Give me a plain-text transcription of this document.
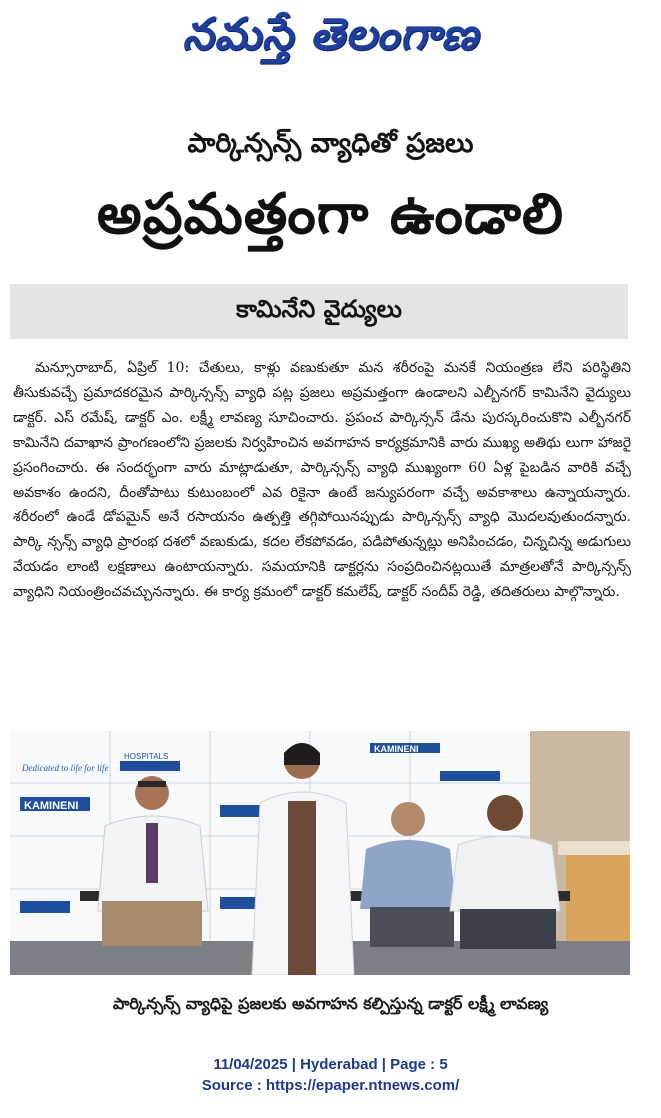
నమస్తే తెలంగాణ
పార్కిన్సన్స్ వ్యాధితో ప్రజలు
అప్రమత్తంగా ఉండాలి
కామినేని వైద్యులు

మన్సూరాబాద్, ఏప్రిల్ 10: చేతులు, కాళ్లు వణుకుతూ మన శరీరంపై మనకే నియంత్రణ లేని పరిస్థితిని తీసుకువచ్చే ప్రమాదకరమైన పార్కిన్సన్స్ వ్యాధి పట్ల ప్రజలు అప్రమత్తంగా ఉండాలని ఎల్బీనగర్ కామినేని వైద్యులు డాక్టర్. ఎస్ రమేష్, డాక్టర్ ఎం. లక్ష్మీ లావణ్య సూచించారు. ప్రపంచ పార్కిన్సన్ డేను పురస్కరించుకొని ఎల్బీనగర్ కామినేని దవాఖాన ప్రాంగణంలోని ప్రజలకు నిర్వహించిన అవగాహన కార్యక్రమానికి వారు ముఖ్య అతిథు లుగా హాజరై ప్రసంగించారు. ఈ సందర్భంగా వారు మాట్లాడుతూ, పార్కిన్సన్స్ వ్యాధి ముఖ్యంగా 60 ఏళ్ల పైబడిన వారికి వచ్చే అవకాశం ఉందని, దీంతోపాటు కుటుంబంలో ఎవ రికైనా ఉంటే జన్యుపరంగా వచ్చే అవకాశాలు ఉన్నాయన్నారు. శరీరంలో ఉండే డోపమైన్ అనే రసాయనం ఉత్పత్తి తగ్గిపోయినప్పుడు పార్కిన్సన్స్ వ్యాధి మొదలవుతుందన్నారు. పార్కి న్సన్స్ వ్యాధి ప్రారంభ దశలో వణుకుడు, కదల లేకపోవడం, పడిపోతున్నట్లు అనిపించడం, చిన్నచిన్న అడుగులు వేయడం లాంటి లక్షణాలు ఉంటాయన్నారు. సమయానికి డాక్టర్లను సంప్రదించినట్లయితే మాత్రలతోనే పార్కిన్సన్స్ వ్యాధిని నియంత్రించవచ్చునన్నారు. ఈ కార్య క్రమంలో డాక్టర్ కమలేష్, డాక్టర్ సందీప్ రెడ్డి, తదితరులు పాల్గొన్నారు.

KAMINENI
KAMINENI
Dedicated to life for life
HOSPITALS
పార్కిన్సన్స్ వ్యాధిపై ప్రజలకు అవగాహన కల్పిస్తున్న డాక్టర్ లక్ష్మీ లావణ్య
11/04/2025 | Hyderabad | Page : 5
Source : https://epaper.ntnews.com/
